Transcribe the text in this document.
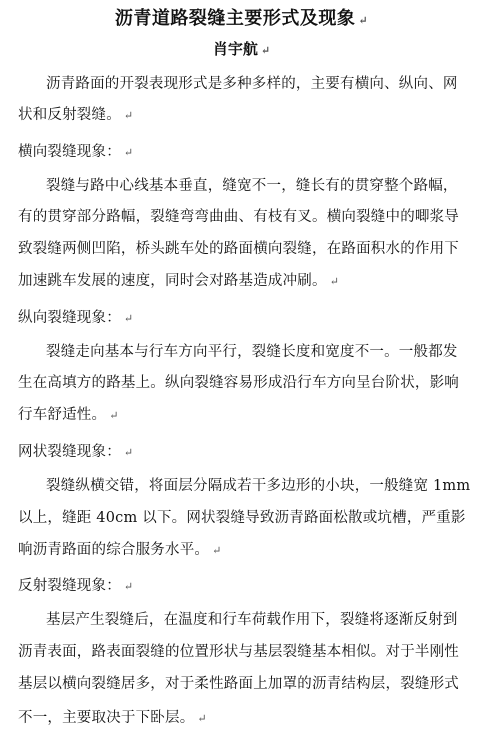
沥青道路裂缝主要形式及现象 ↵
肖宇航 ↵
沥青路面的开裂表现形式是多种多样的，主要有横向、纵向、网
状和反射裂缝。 ↵
横向裂缝现象： ↵
裂缝与路中心线基本垂直，缝宽不一，缝长有的贯穿整个路幅，
有的贯穿部分路幅，裂缝弯弯曲曲、有枝有叉。横向裂缝中的唧浆导
致裂缝两侧凹陷，桥头跳车处的路面横向裂缝，在路面积水的作用下
加速跳车发展的速度，同时会对路基造成冲刷。 ↵
纵向裂缝现象： ↵
裂缝走向基本与行车方向平行，裂缝长度和宽度不一。一般都发
生在高填方的路基上。纵向裂缝容易形成沿行车方向呈台阶状，影响
行车舒适性。 ↵
网状裂缝现象： ↵
裂缝纵横交错，将面层分隔成若干多边形的小块，一般缝宽 1mm
以上，缝距 40cm 以下。网状裂缝导致沥青路面松散或坑槽，严重影
响沥青路面的综合服务水平。 ↵
反射裂缝现象： ↵
基层产生裂缝后，在温度和行车荷载作用下，裂缝将逐渐反射到
沥青表面，路表面裂缝的位置形状与基层裂缝基本相似。对于半刚性
基层以横向裂缝居多，对于柔性路面上加罩的沥青结构层，裂缝形式
不一，主要取决于下卧层。 ↵
